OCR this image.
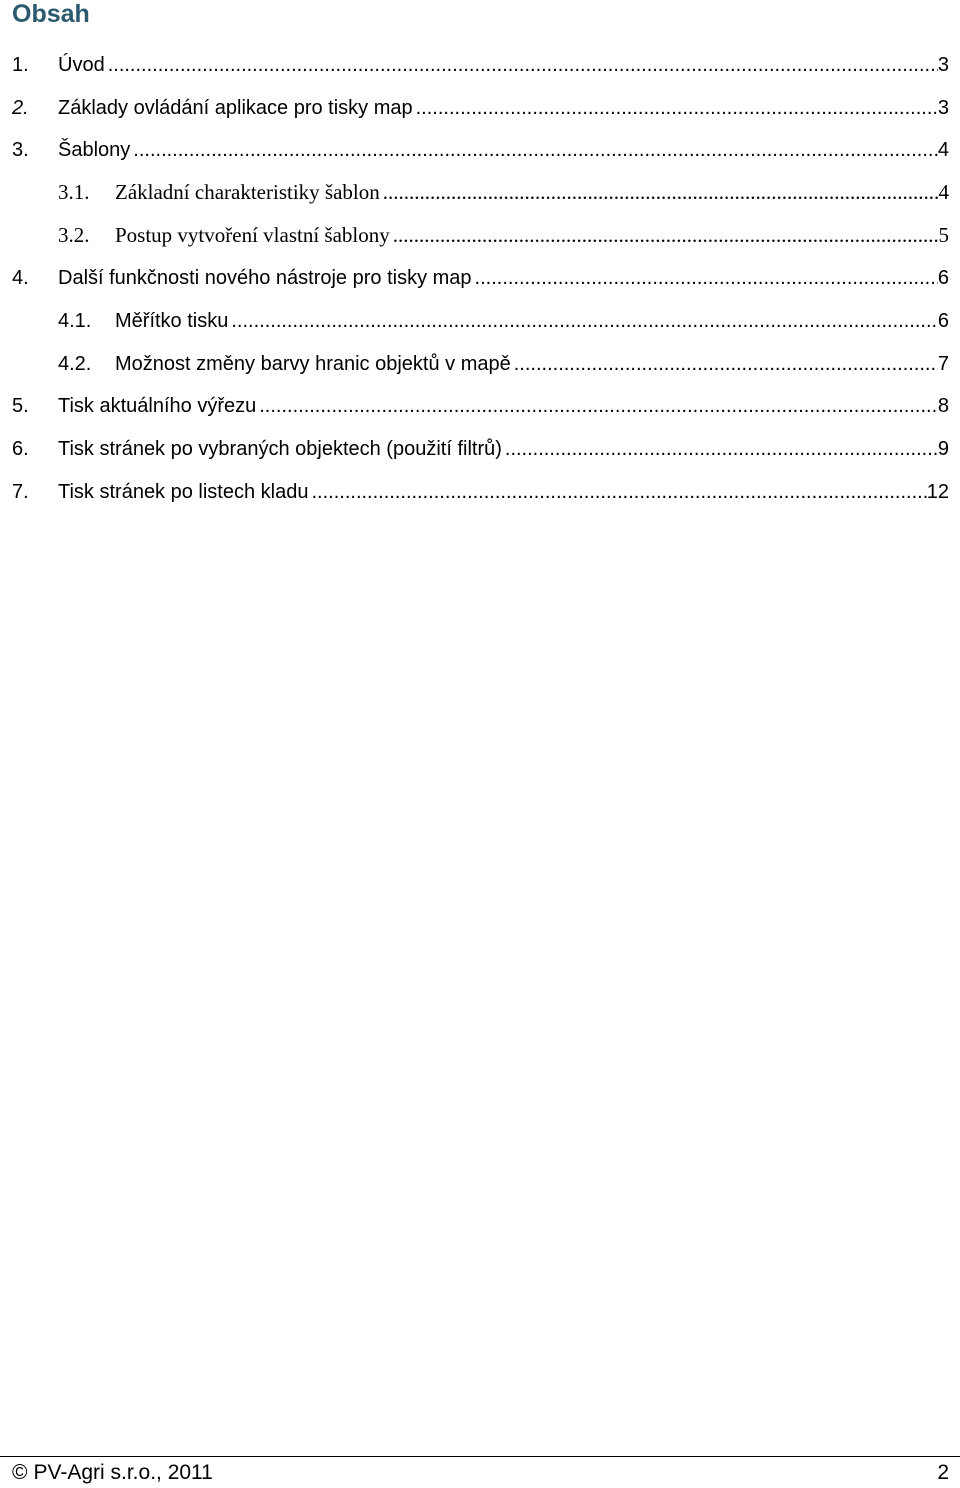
Obsah
1.	Úvod .....	3
2.	Základy ovládání aplikace pro tisky map .....	3
3.	Šablony .....	4
3.1.	Základní charakteristiky šablon .....	4
3.2.	Postup vytvoření vlastní šablony .....	5
4.	Další funkčnosti nového nástroje pro tisky map .....	6
4.1.	Měřítko tisku .....	6
4.2.	Možnost změny barvy hranic objektů v mapě .....	7
5.	Tisk aktuálního výřezu .....	8
6.	Tisk stránek po vybraných objektech (použití filtrů) .....	9
7.	Tisk stránek po listech kladu .....	12
© PV-Agri s.r.o., 2011	2
